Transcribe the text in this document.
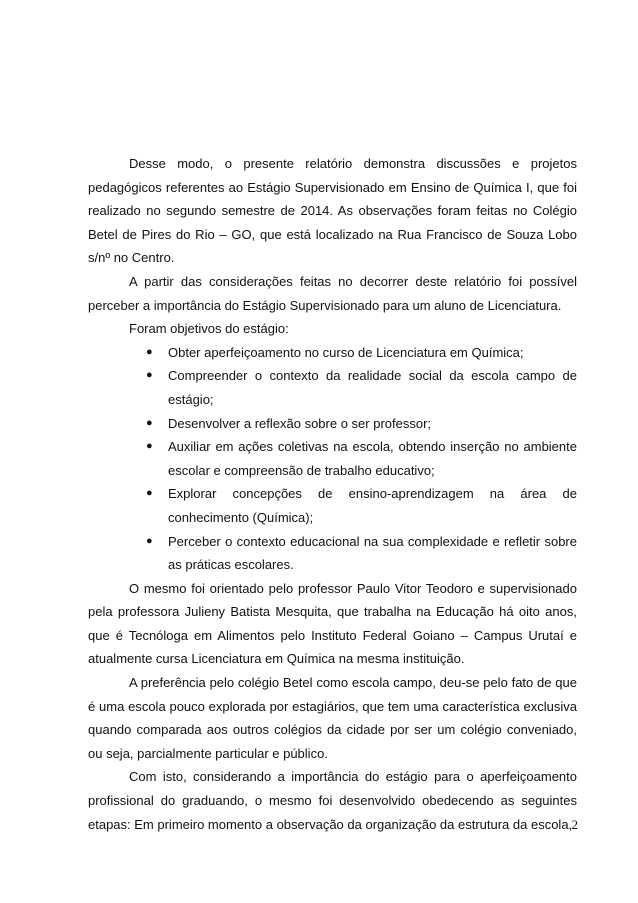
Desse modo, o presente relatório demonstra discussões e projetos pedagógicos referentes ao Estágio Supervisionado em Ensino de Química I, que foi realizado no segundo semestre de 2014. As observações foram feitas no Colégio Betel de Pires do Rio – GO, que está localizado na Rua Francisco de Souza Lobo s/nº no Centro.

A partir das considerações feitas no decorrer deste relatório foi possível perceber a importância do Estágio Supervisionado para um aluno de Licenciatura.

Foram objetivos do estágio:

● Obter aperfeiçoamento no curso de Licenciatura em Química;
● Compreender o contexto da realidade social da escola campo de estágio;
● Desenvolver a reflexão sobre o ser professor;
● Auxiliar em ações coletivas na escola, obtendo inserção no ambiente escolar e compreensão de trabalho educativo;
● Explorar concepções de ensino-aprendizagem na área de conhecimento (Química);
● Perceber o contexto educacional na sua complexidade e refletir sobre as práticas escolares.

O mesmo foi orientado pelo professor Paulo Vitor Teodoro e supervisionado pela professora Julieny Batista Mesquita, que trabalha na Educação há oito anos, que é Tecnóloga em Alimentos pelo Instituto Federal Goiano – Campus Urutaí e atualmente cursa Licenciatura em Química na mesma instituição.

A preferência pelo colégio Betel como escola campo, deu-se pelo fato de que é uma escola pouco explorada por estagiários, que tem uma característica exclusiva quando comparada aos outros colégios da cidade por ser um colégio conveniado, ou seja, parcialmente particular e público.

Com isto, considerando a importância do estágio para o aperfeiçoamento profissional do graduando, o mesmo foi desenvolvido obedecendo as seguintes etapas: Em primeiro momento a observação da organização da estrutura da escola, 2
